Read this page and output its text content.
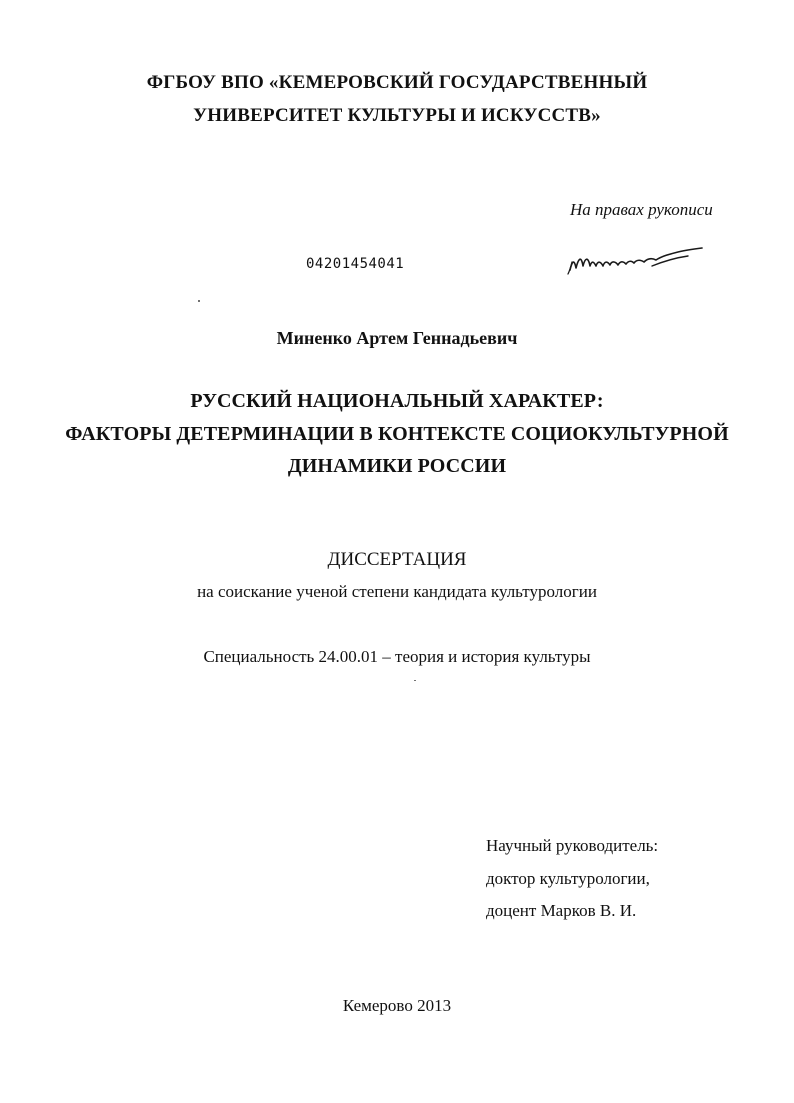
ФГБОУ ВПО «КЕМЕРОВСКИЙ ГОСУДАРСТВЕННЫЙ
УНИВЕРСИТЕТ КУЛЬТУРЫ И ИСКУССТВ»
На правах рукописи
04201454041
Миненко Артем Геннадьевич
РУССКИЙ НАЦИОНАЛЬНЫЙ ХАРАКТЕР:
ФАКТОРЫ ДЕТЕРМИНАЦИИ В КОНТЕКСТЕ СОЦИОКУЛЬТУРНОЙ
ДИНАМИКИ РОССИИ
ДИССЕРТАЦИЯ
на соискание ученой степени кандидата культурологии
Специальность 24.00.01 – теория и история культуры
Научный руководитель:
доктор культурологии,
доцент Марков В. И.
Кемерово 2013
